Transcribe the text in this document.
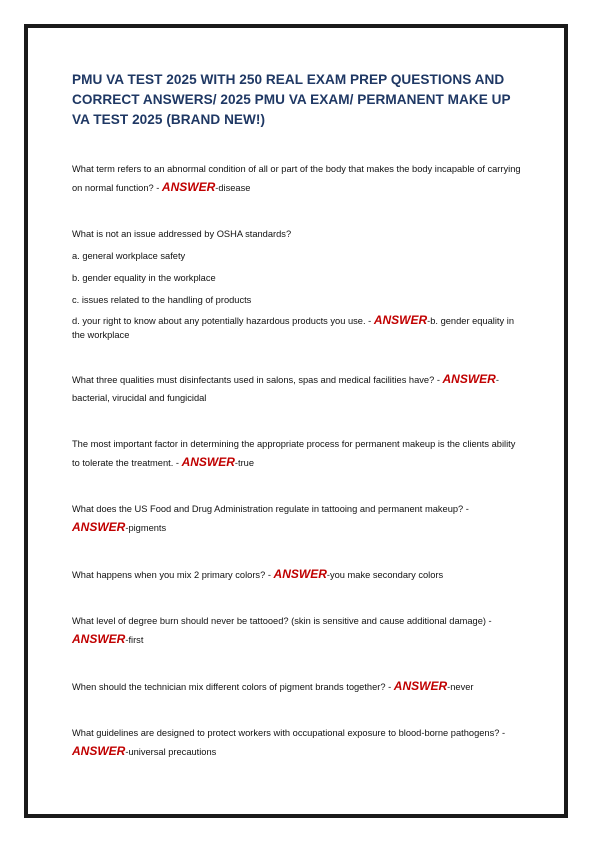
PMU VA TEST 2025 WITH 250 REAL EXAM PREP QUESTIONS AND CORRECT ANSWERS/ 2025 PMU VA EXAM/ PERMANENT MAKE UP VA TEST 2025 (BRAND NEW!)

What term refers to an abnormal condition of all or part of the body that makes the body incapable of carrying on normal function? - ANSWER-disease

What is not an issue addressed by OSHA standards?

a. general workplace safety

b. gender equality in the workplace

c. issues related to the handling of products

d. your right to know about any potentially hazardous products you use. - ANSWER-b. gender equality in the workplace

What three qualities must disinfectants used in salons, spas and medical facilities have? - ANSWER-bacterial, virucidal and fungicidal

The most important factor in determining the appropriate process for permanent makeup is the clients ability to tolerate the treatment. - ANSWER-true

What does the US Food and Drug Administration regulate in tattooing and permanent makeup? - ANSWER-pigments

What happens when you mix 2 primary colors? - ANSWER-you make secondary colors

What level of degree burn should never be tattooed? (skin is sensitive and cause additional damage) - ANSWER-first

When should the technician mix different colors of pigment brands together? - ANSWER-never

What guidelines are designed to protect workers with occupational exposure to blood-borne pathogens? - ANSWER-universal precautions
